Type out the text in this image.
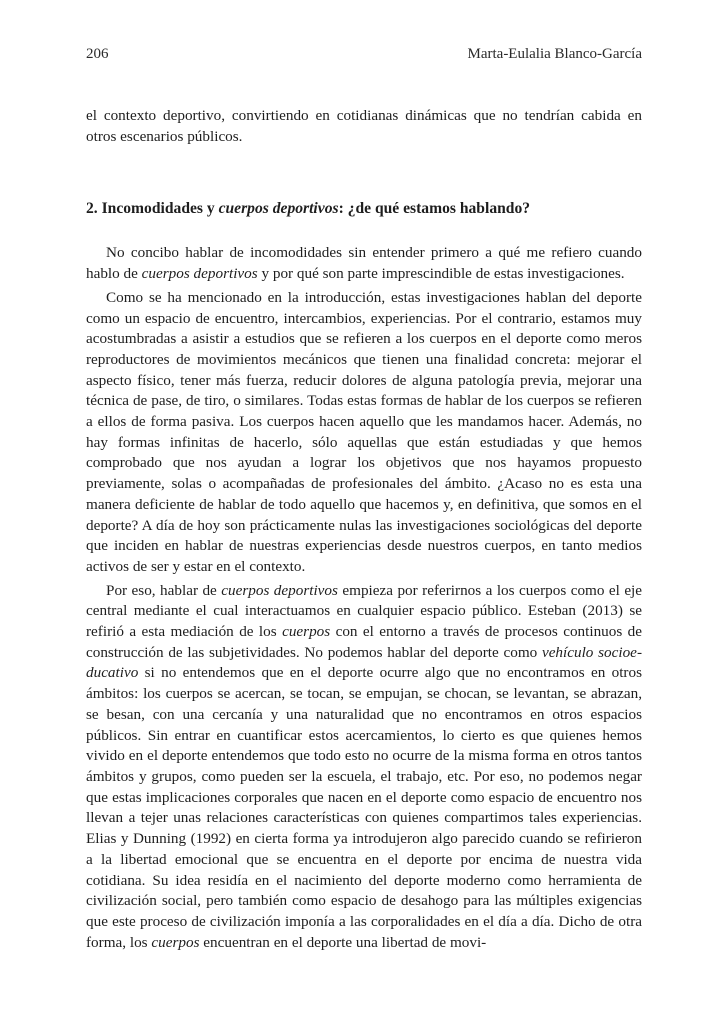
206	Marta-Eulalia Blanco-García

el contexto deportivo, convirtiendo en cotidianas dinámicas que no tendrían cabida en otros escenarios públicos.

2. Incomodidades y cuerpos deportivos: ¿de qué estamos hablando?

No concibo hablar de incomodidades sin entender primero a qué me refiero cuando hablo de cuerpos deportivos y por qué son parte imprescindible de estas investigaciones.

Como se ha mencionado en la introducción, estas investigaciones hablan del deporte como un espacio de encuentro, intercambios, experiencias. Por el contrario, estamos muy acostumbradas a asistir a estudios que se refieren a los cuerpos en el deporte como meros reproductores de movimientos mecánicos que tienen una finalidad concreta: mejorar el aspecto físico, tener más fuerza, reducir dolores de alguna patología previa, mejorar una técnica de pase, de tiro, o similares. Todas estas formas de hablar de los cuerpos se refieren a ellos de forma pasiva. Los cuerpos hacen aquello que les mandamos hacer. Además, no hay formas infinitas de hacerlo, sólo aquellas que están estudiadas y que hemos comprobado que nos ayudan a lograr los objetivos que nos hayamos propuesto previamente, solas o acompañadas de profesionales del ámbito. ¿Acaso no es esta una manera deficiente de hablar de todo aquello que hacemos y, en definitiva, que somos en el deporte? A día de hoy son prácticamente nulas las investigaciones sociológicas del deporte que inciden en hablar de nuestras experiencias desde nuestros cuerpos, en tanto medios activos de ser y estar en el contexto.

Por eso, hablar de cuerpos deportivos empieza por referirnos a los cuerpos como el eje central mediante el cual interactuamos en cualquier espacio público. Esteban (2013) se refirió a esta mediación de los cuerpos con el entorno a través de procesos continuos de construcción de las subjetividades. No podemos hablar del deporte como vehículo socioeducativo si no entendemos que en el deporte ocurre algo que no encontramos en otros ámbitos: los cuerpos se acercan, se tocan, se empujan, se chocan, se levantan, se abrazan, se besan, con una cercanía y una naturalidad que no encontramos en otros espacios públicos. Sin entrar en cuantificar estos acercamientos, lo cierto es que quienes hemos vivido en el deporte entendemos que todo esto no ocurre de la misma forma en otros tantos ámbitos y grupos, como pueden ser la escuela, el trabajo, etc. Por eso, no podemos negar que estas implicaciones corporales que nacen en el deporte como espacio de encuentro nos llevan a tejer unas relaciones características con quienes compartimos tales experiencias. Elias y Dunning (1992) en cierta forma ya introdujeron algo parecido cuando se refirieron a la libertad emocional que se encuentra en el deporte por encima de nuestra vida cotidiana. Su idea residía en el nacimiento del deporte moderno como herramienta de civilización social, pero también como espacio de desahogo para las múltiples exigencias que este proceso de civilización imponía a las corporalidades en el día a día. Dicho de otra forma, los cuerpos encuentran en el deporte una libertad de movi-
